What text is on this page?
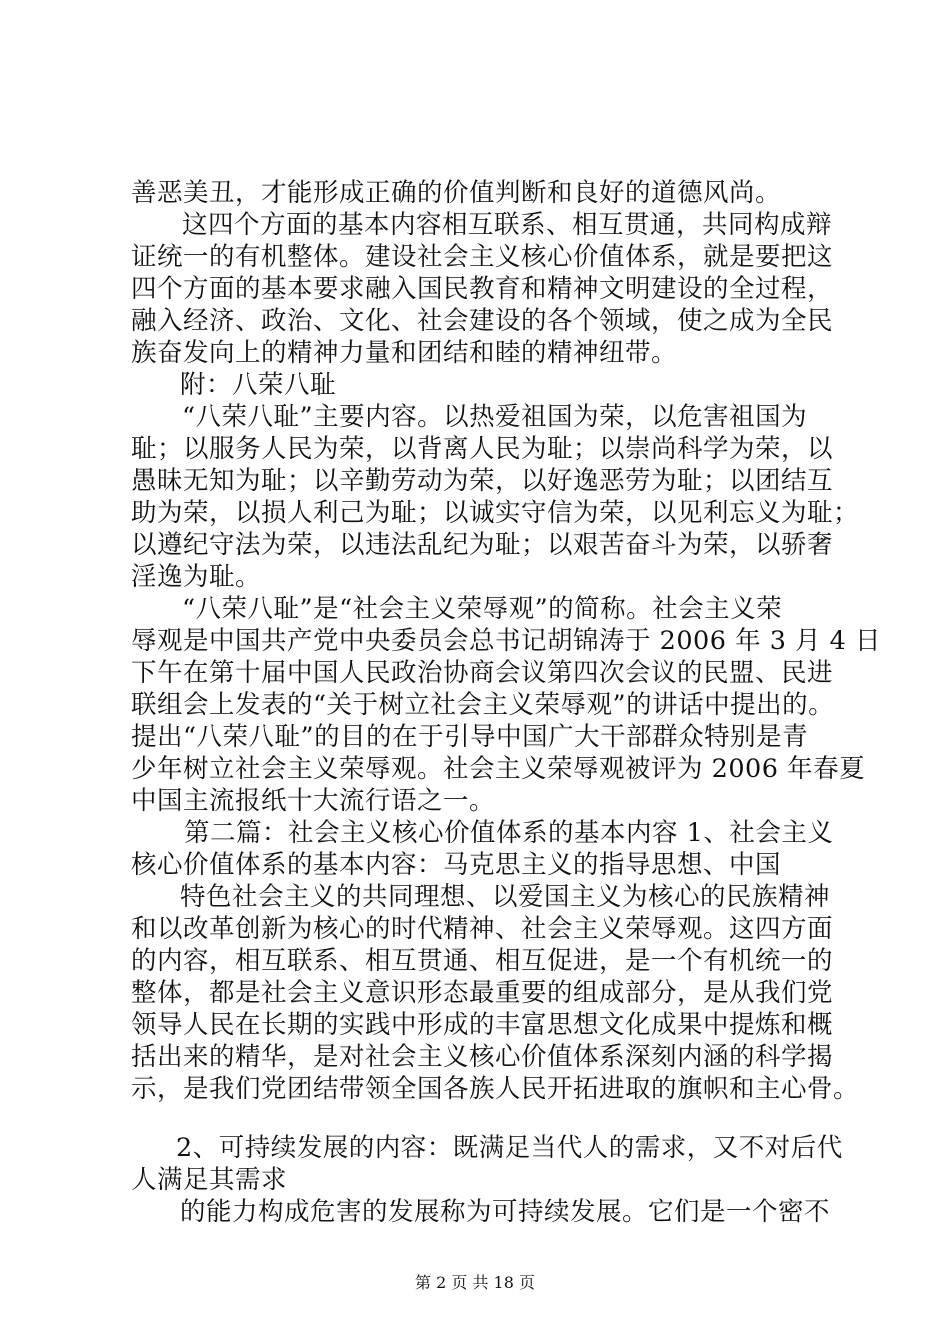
善恶美丑，才能形成正确的价值判断和良好的道德风尚。
这四个方面的基本内容相互联系、相互贯通，共同构成辩
证统一的有机整体。建设社会主义核心价值体系，就是要把这
四个方面的基本要求融入国民教育和精神文明建设的全过程，
融入经济、政治、文化、社会建设的各个领域，使之成为全民
族奋发向上的精神力量和团结和睦的精神纽带。
附：八荣八耻
“八荣八耻”主要内容。以热爱祖国为荣，以危害祖国为
耻；以服务人民为荣，以背离人民为耻；以崇尚科学为荣，以
愚昧无知为耻；以辛勤劳动为荣，以好逸恶劳为耻；以团结互
助为荣，以损人利己为耻；以诚实守信为荣，以见利忘义为耻；
以遵纪守法为荣，以违法乱纪为耻；以艰苦奋斗为荣，以骄奢
淫逸为耻。
“八荣八耻”是“社会主义荣辱观”的简称。社会主义荣
辱观是中国共产党中央委员会总书记胡锦涛于 2006 年 3 月 4 日
下午在第十届中国人民政治协商会议第四次会议的民盟、民进
联组会上发表的“关于树立社会主义荣辱观”的讲话中提出的。
提出“八荣八耻”的目的在于引导中国广大干部群众特别是青
少年树立社会主义荣辱观。社会主义荣辱观被评为 2006 年春夏
中国主流报纸十大流行语之一。
第二篇：社会主义核心价值体系的基本内容 1、社会主义
核心价值体系的基本内容：马克思主义的指导思想、中国
特色社会主义的共同理想、以爱国主义为核心的民族精神
和以改革创新为核心的时代精神、社会主义荣辱观。这四方面
的内容，相互联系、相互贯通、相互促进，是一个有机统一的
整体，都是社会主义意识形态最重要的组成部分，是从我们党
领导人民在长期的实践中形成的丰富思想文化成果中提炼和概
括出来的精华，是对社会主义核心价值体系深刻内涵的科学揭
示，是我们党团结带领全国各族人民开拓进取的旗帜和主心骨。
2、可持续发展的内容：既满足当代人的需求，又不对后代
人满足其需求
的能力构成危害的发展称为可持续发展。它们是一个密不
第 2 页 共 18 页
